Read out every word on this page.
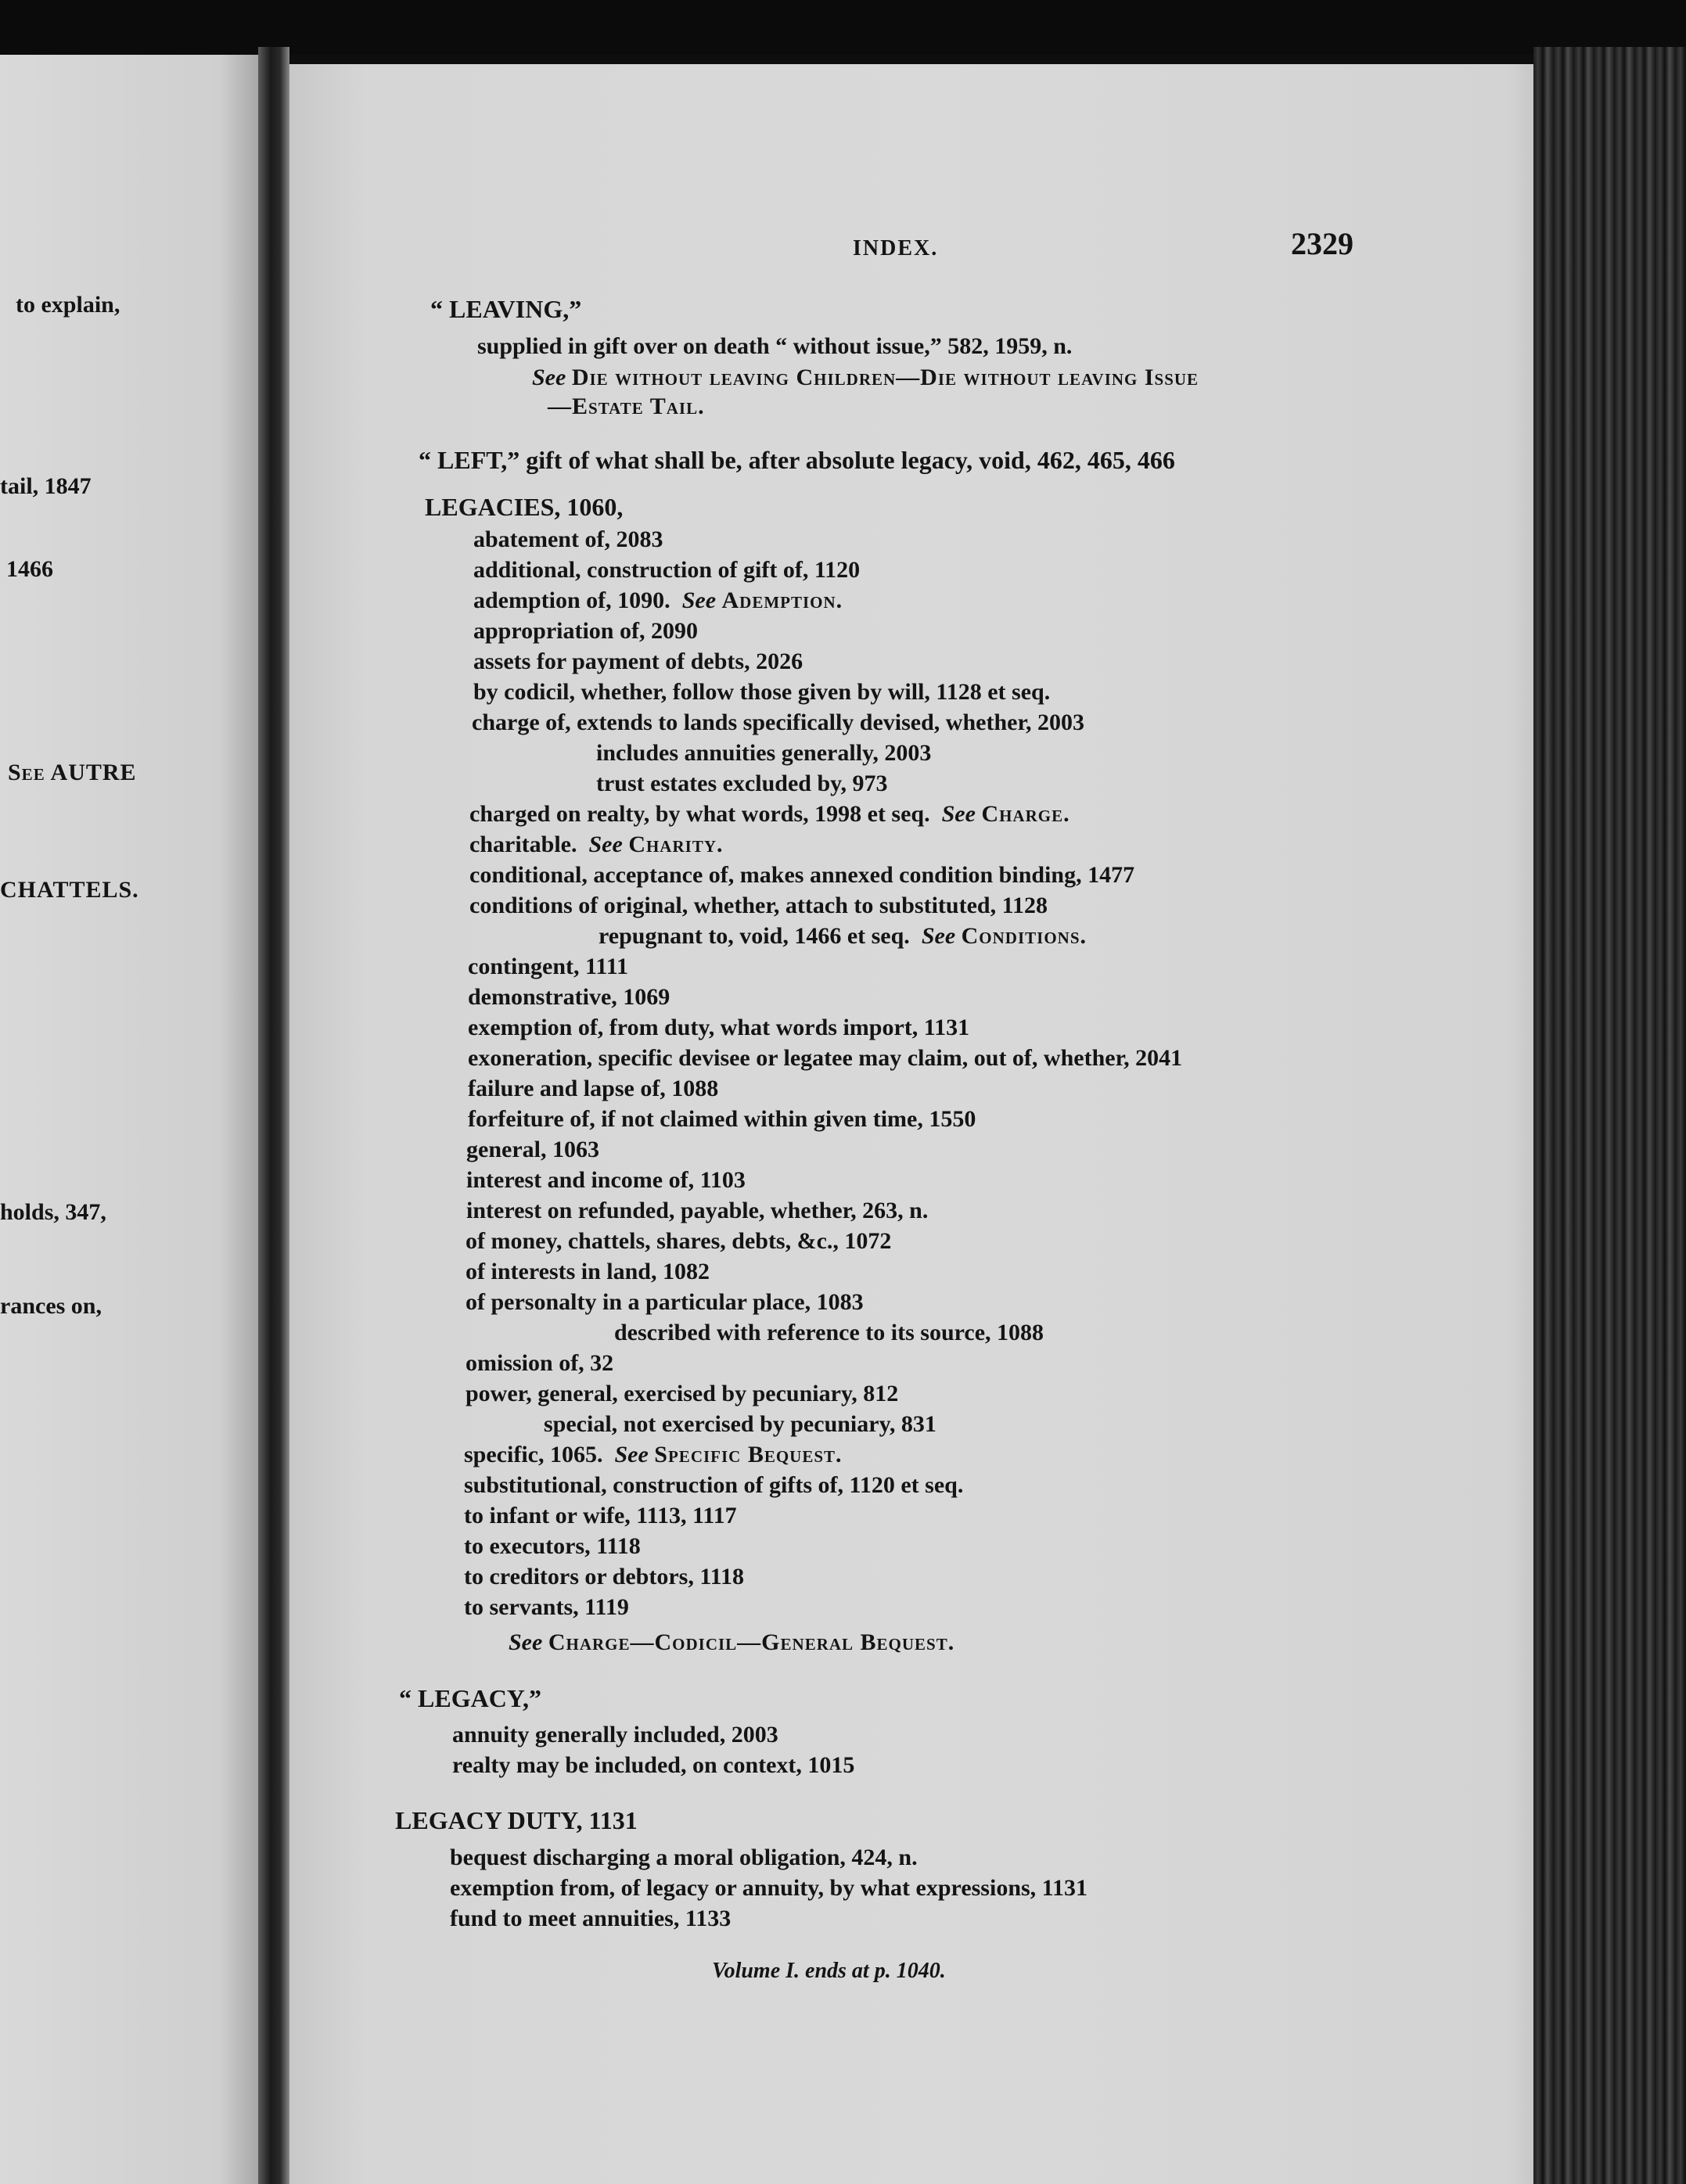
to explain,
tail, 1847
1466
See AUTRE
CHATTELS.
holds, 347,
rances on,
INDEX.	2329
“ LEAVING,”
supplied in gift over on death “ without issue,” 582, 1959, n.
See Die without leaving Children—Die without leaving Issue
—Estate Tail.
“ LEFT,” gift of what shall be, after absolute legacy, void, 462, 465, 466
LEGACIES, 1060,
abatement of, 2083
additional, construction of gift of, 1120
ademption of, 1090. See Ademption.
appropriation of, 2090
assets for payment of debts, 2026
by codicil, whether, follow those given by will, 1128 et seq.
charge of, extends to lands specifically devised, whether, 2003
includes annuities generally, 2003
trust estates excluded by, 973
charged on realty, by what words, 1998 et seq. See Charge.
charitable. See Charity.
conditional, acceptance of, makes annexed condition binding, 1477
conditions of original, whether, attach to substituted, 1128
repugnant to, void, 1466 et seq. See Conditions.
contingent, 1111
demonstrative, 1069
exemption of, from duty, what words import, 1131
exoneration, specific devisee or legatee may claim, out of, whether, 2041
failure and lapse of, 1088
forfeiture of, if not claimed within given time, 1550
general, 1063
interest and income of, 1103
interest on refunded, payable, whether, 263, n.
of money, chattels, shares, debts, &c., 1072
of interests in land, 1082
of personalty in a particular place, 1083
described with reference to its source, 1088
omission of, 32
power, general, exercised by pecuniary, 812
special, not exercised by pecuniary, 831
specific, 1065. See Specific Bequest.
substitutional, construction of gifts of, 1120 et seq.
to infant or wife, 1113, 1117
to executors, 1118
to creditors or debtors, 1118
to servants, 1119
See Charge—Codicil—General Bequest.
“ LEGACY,”
annuity generally included, 2003
realty may be included, on context, 1015
LEGACY DUTY, 1131
bequest discharging a moral obligation, 424, n.
exemption from, of legacy or annuity, by what expressions, 1131
fund to meet annuities, 1133
Volume I. ends at p. 1040.
